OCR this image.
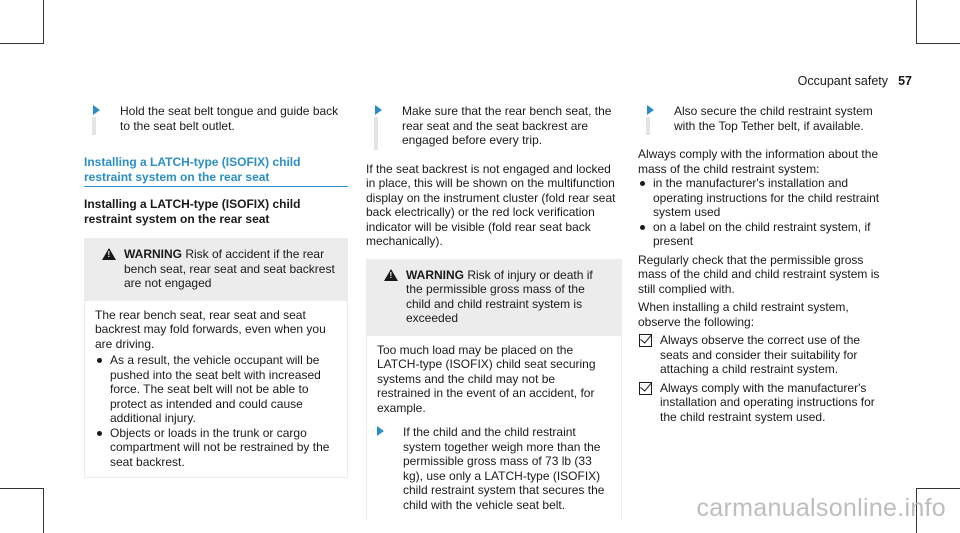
Occupant safety 57

Hold the seat belt tongue and guide back to the seat belt outlet.

Installing a LATCH-type (ISOFIX) child restraint system on the rear seat

Installing a LATCH-type (ISOFIX) child restraint system on the rear seat

! WARNING Risk of accident if the rear bench seat, rear seat and seat backrest are not engaged

The rear bench seat, rear seat and seat backrest may fold forwards, even when you are driving.

As a result, the vehicle occupant will be pushed into the seat belt with increased force. The seat belt will not be able to protect as intended and could cause additional injury.

Objects or loads in the trunk or cargo compartment will not be restrained by the seat backrest.

Make sure that the rear bench seat, the rear seat and the seat backrest are engaged before every trip.

If the seat backrest is not engaged and locked in place, this will be shown on the multifunction display on the instrument cluster (fold rear seat back electrically) or the red lock verification indicator will be visible (fold rear seat back mechanically).

! WARNING Risk of injury or death if the permissible gross mass of the child and child restraint system is exceeded

Too much load may be placed on the LATCH-type (ISOFIX) child seat securing systems and the child may not be restrained in the event of an accident, for example.

If the child and the child restraint system together weigh more than the permissible gross mass of 73 lb (33 kg), use only a LATCH-type (ISOFIX) child restraint system that secures the child with the vehicle seat belt.

Also secure the child restraint system with the Top Tether belt, if available.

Always comply with the information about the mass of the child restraint system:

in the manufacturer's installation and operating instructions for the child restraint system used

on a label on the child restraint system, if present

Regularly check that the permissible gross mass of the child and child restraint system is still complied with.

When installing a child restraint system, observe the following:

Always observe the correct use of the seats and consider their suitability for attaching a child restraint system.

Always comply with the manufacturer's installation and operating instructions for the child restraint system used.

carmanualsonline.info
